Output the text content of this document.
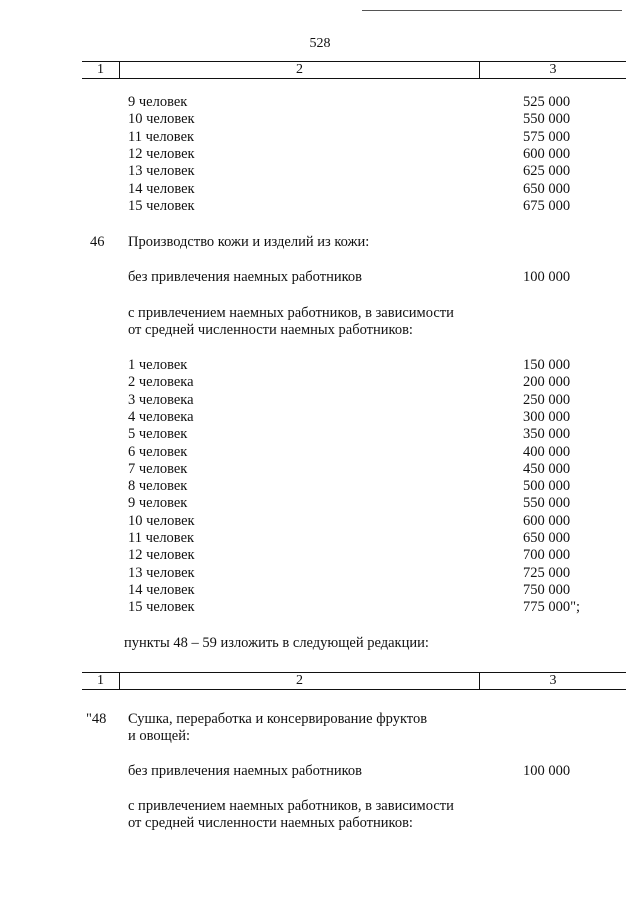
528
1	2	3
9 человек	525 000
10 человек	550 000
11 человек	575 000
12 человек	600 000
13 человек	625 000
14 человек	650 000
15 человек	675 000
46 Производство кожи и изделий из кожи:
без привлечения наемных работников	100 000
с привлечением наемных работников, в зависимости
от средней численности наемных работников:
1 человек	150 000
2 человека	200 000
3 человека	250 000
4 человека	300 000
5 человек	350 000
6 человек	400 000
7 человек	450 000
8 человек	500 000
9 человек	550 000
10 человек	600 000
11 человек	650 000
12 человек	700 000
13 человек	725 000
14 человек	750 000
15 человек	775 000";
пункты 48 – 59 изложить в следующей редакции:
1	2	3
"48 Сушка, переработка и консервирование фруктов
и овощей:
без привлечения наемных работников	100 000
с привлечением наемных работников, в зависимости
от средней численности наемных работников:
